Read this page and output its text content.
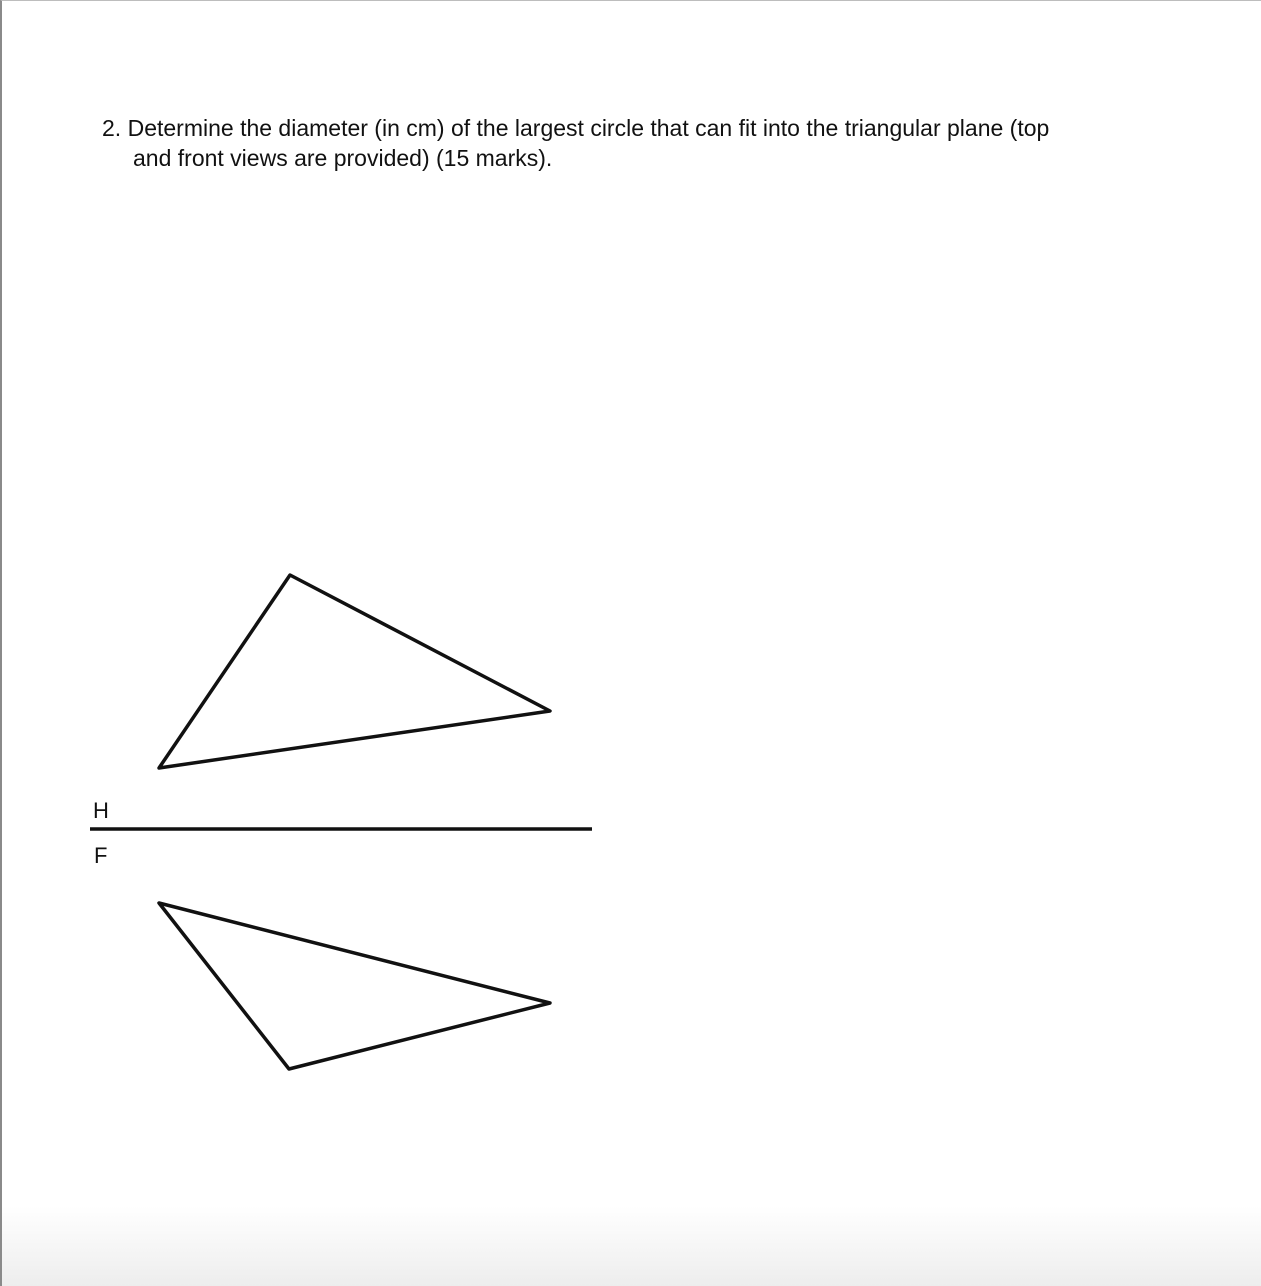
2. Determine the diameter (in cm) of the largest circle that can fit into the triangular plane (top
and front views are provided) (15 marks).
H
F
